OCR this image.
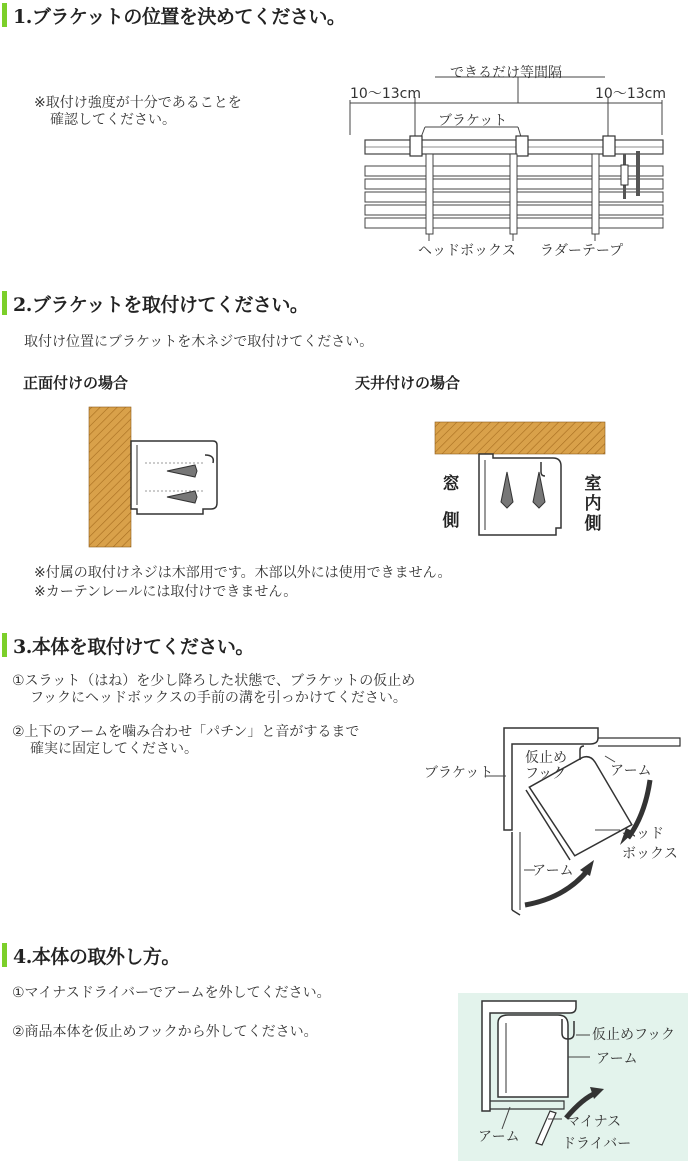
1.ブラケットの位置を決めてください。
※取付け強度が十分であることを
確認してください。
できるだけ等間隔
10〜13cm	10〜13cm
ブラケット
ヘッドボックス ラダーテープ
2.ブラケットを取付けてください。
取付け位置にブラケットを木ネジで取付けてください。
正面付けの場合	天井付けの場合
窓
側
室
内
側
※付属の取付けネジは木部用です。木部以外には使用できません。
※カーテンレールには取付けできません。
3.本体を取付けてください。
①スラット（はね）を少し降ろした状態で、ブラケットの仮止め
フックにヘッドボックスの手前の溝を引っかけてください。
②上下のアームを噛み合わせ「パチン」と音がするまで
確実に固定してください。
ブラケット
仮止め
フック	アーム
ヘッド
ボックス
アーム
4.本体の取外し方。
①マイナスドライバーでアームを外してください。
②商品本体を仮止めフックから外してください。	仮止めフック
アーム
マイナス
ドライバー
アーム
